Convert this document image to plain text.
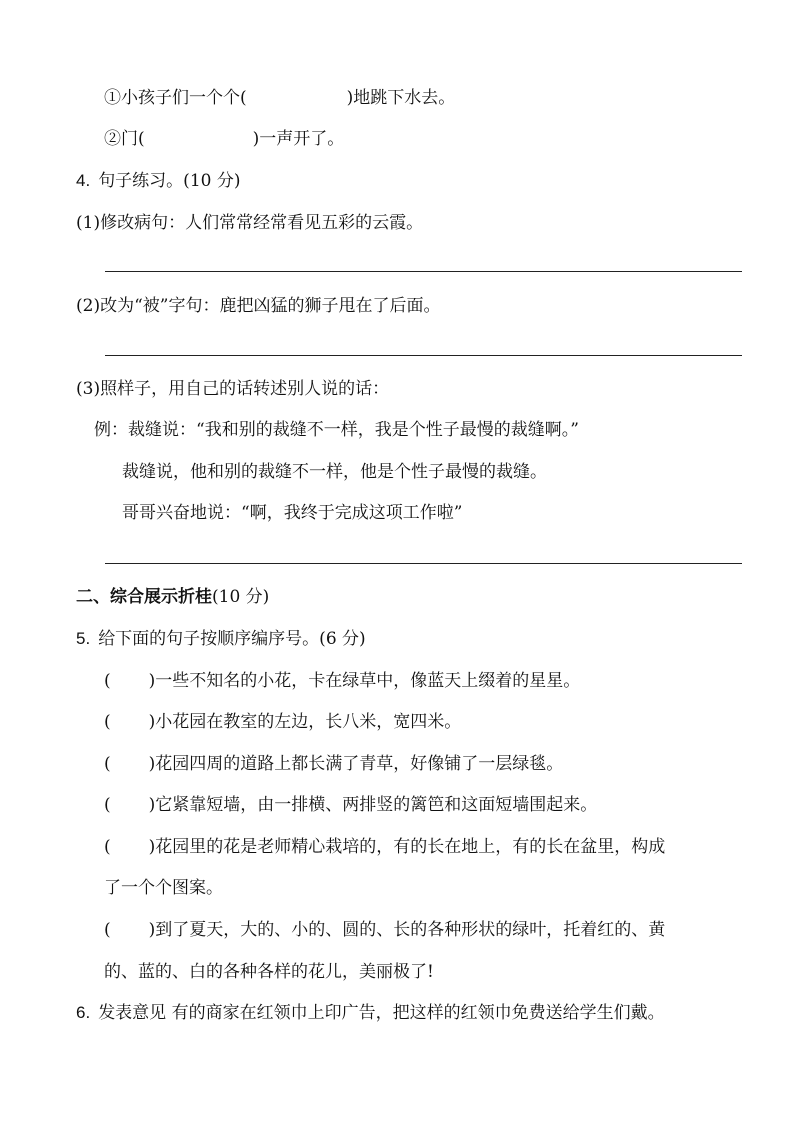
①小孩子们一个个(	)地跳下水去。
②门(	)一声开了。
4. 句子练习。(10 分)
(1)修改病句：人们常常经常看见五彩的云霞。
(2)改为“被”字句：鹿把凶猛的狮子甩在了后面。
(3)照样子，用自己的话转述别人说的话：
例：裁缝说：“我和别的裁缝不一样，我是个性子最慢的裁缝啊。”
裁缝说，他和别的裁缝不一样，他是个性子最慢的裁缝。
哥哥兴奋地说：“啊，我终于完成这项工作啦”
二、综合展示折桂(10 分)
5. 给下面的句子按顺序编序号。(6 分)
( )一些不知名的小花，卡在绿草中，像蓝天上缀着的星星。
( )小花园在教室的左边，长八米，宽四米。
( )花园四周的道路上都长满了青草，好像铺了一层绿毯。
( )它紧靠短墙，由一排横、两排竖的篱笆和这面短墙围起来。
( )花园里的花是老师精心栽培的，有的长在地上，有的长在盆里，构成
了一个个图案。
( )到了夏天，大的、小的、圆的、长的各种形状的绿叶，托着红的、黄
的、蓝的、白的各种各样的花儿，美丽极了!
6. 发表意见 有的商家在红领巾上印广告，把这样的红领巾免费送给学生们戴。
